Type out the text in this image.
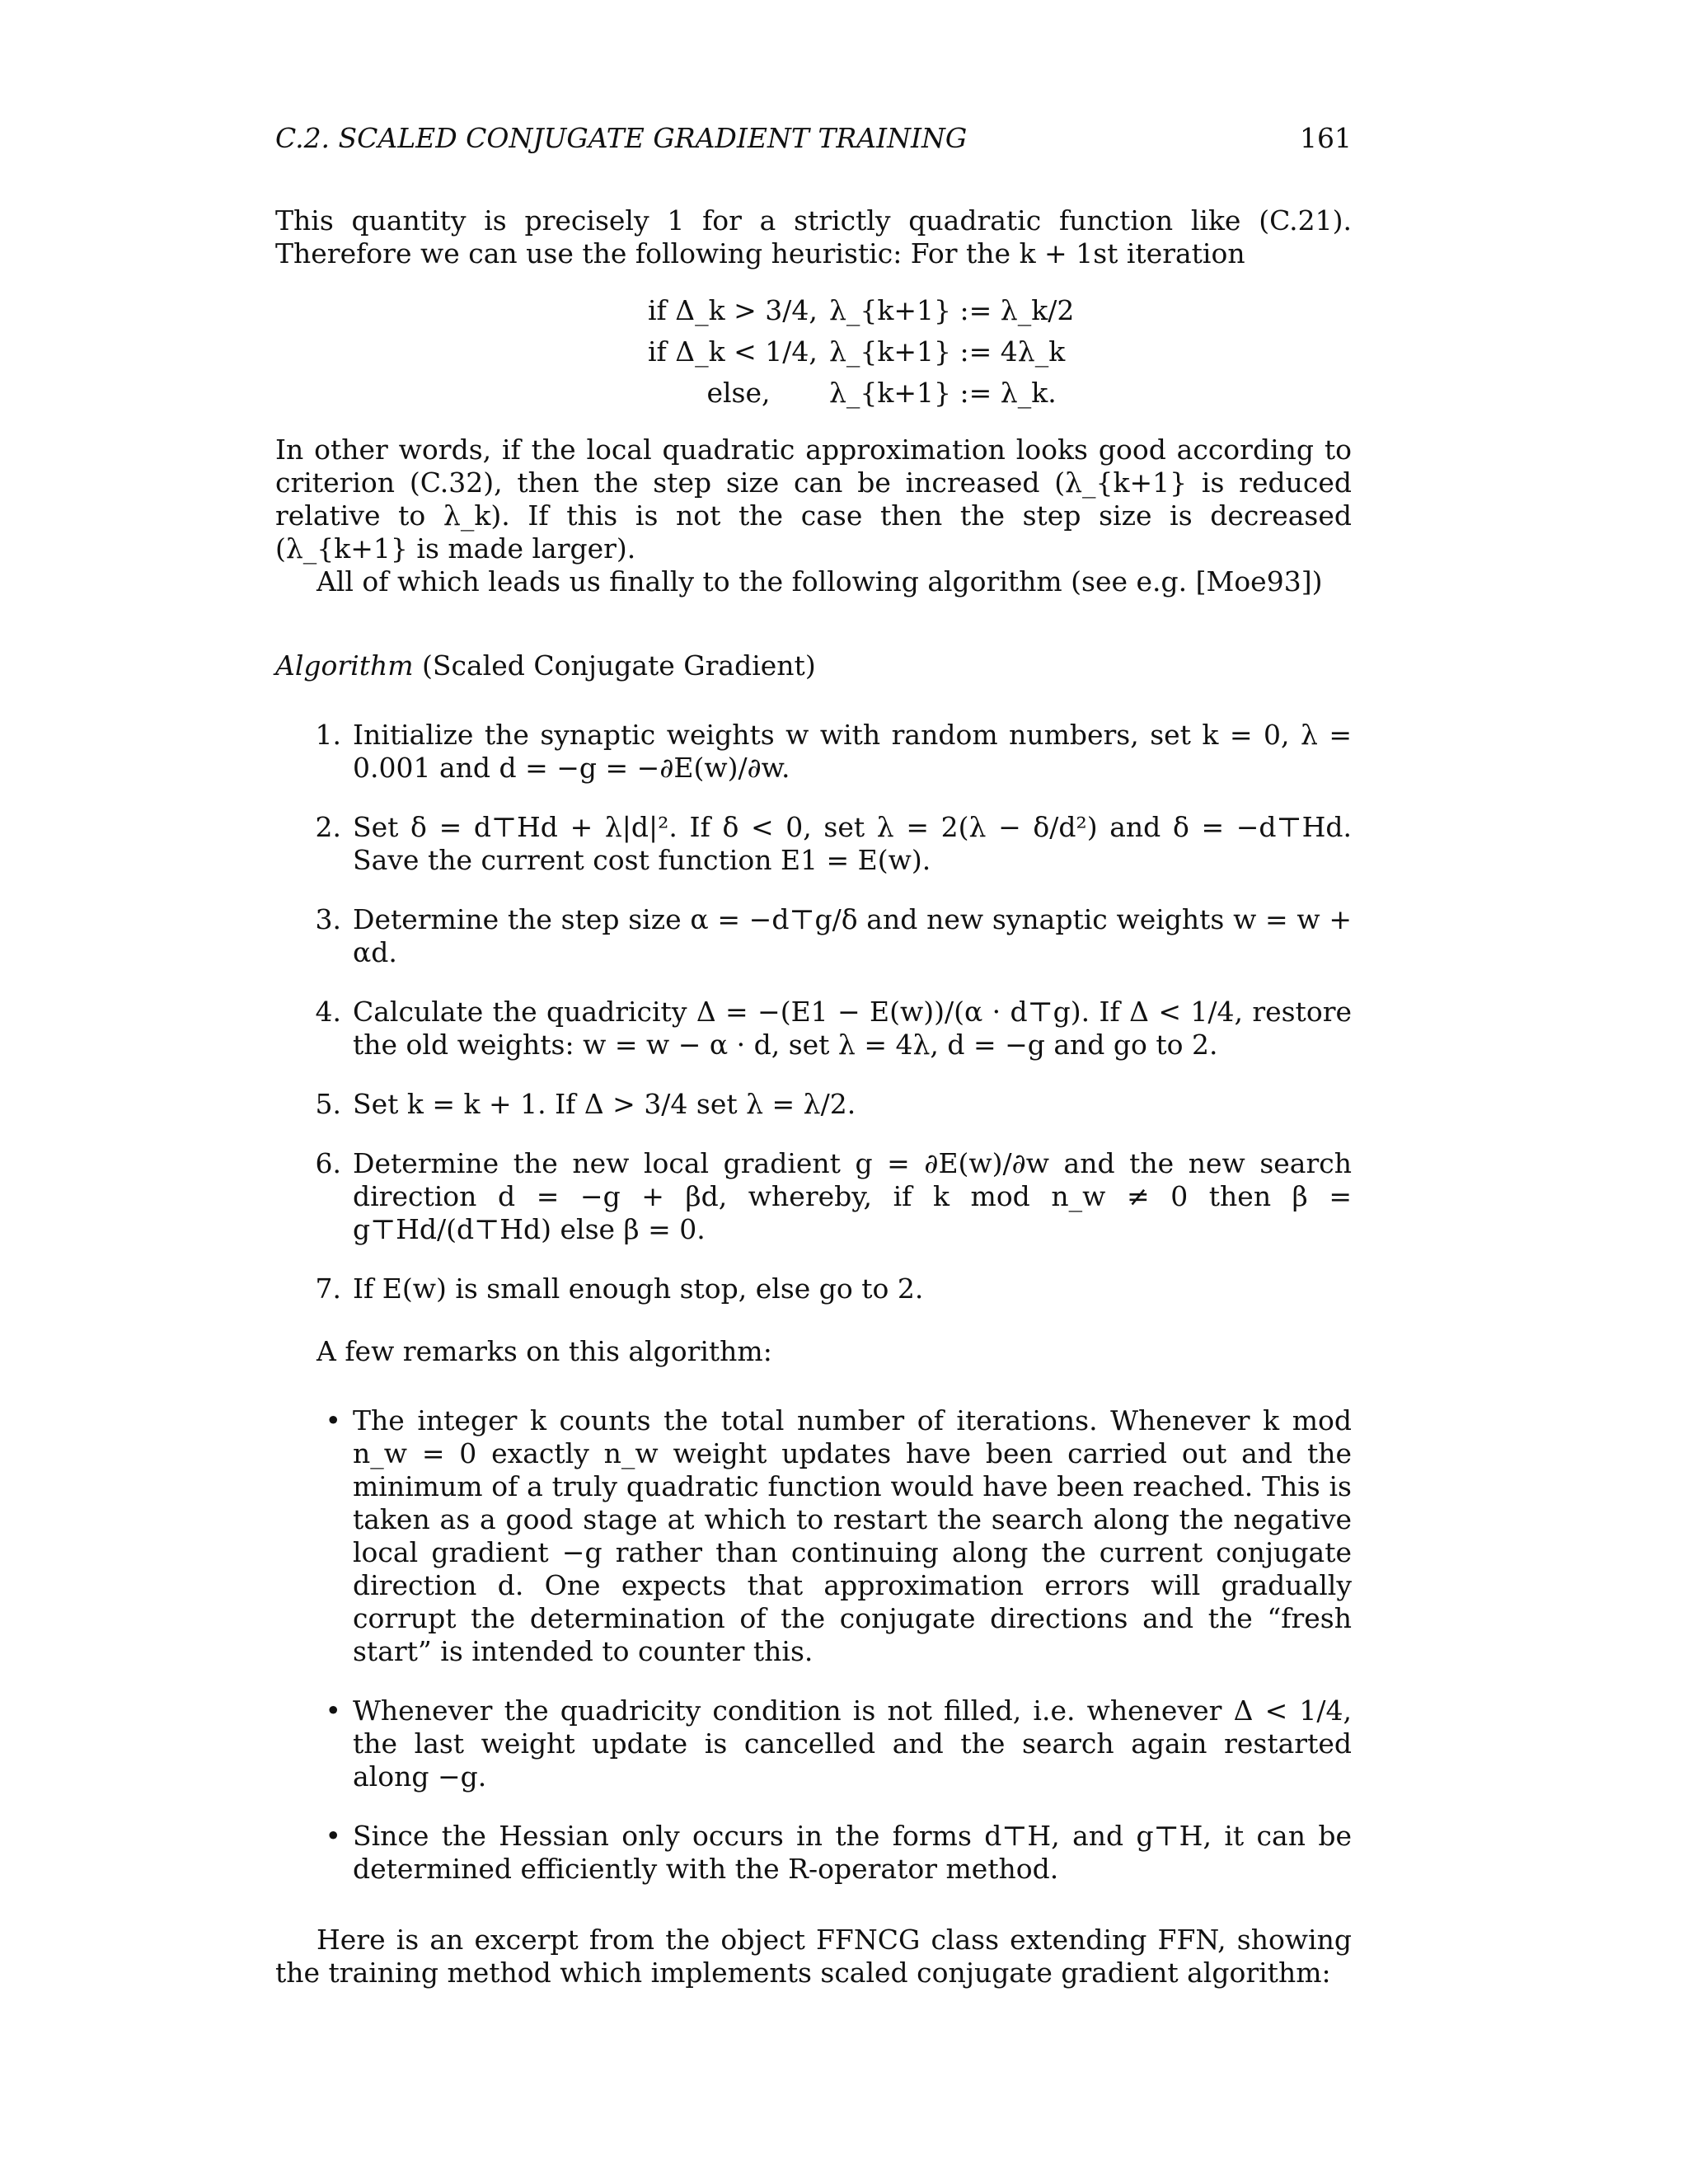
C.2. SCALED CONJUGATE GRADIENT TRAINING	161

This quantity is precisely 1 for a strictly quadratic function like (C.21). Therefore we can use the following heuristic: For the k + 1st iteration

if Δ_k > 3/4, λ_{k+1} := λ_k/2
if Δ_k < 1/4, λ_{k+1} := 4λ_k
else,	λ_{k+1} := λ_k.

In other words, if the local quadratic approximation looks good according to criterion (C.32), then the step size can be increased (λ_{k+1} is reduced relative to λ_k). If this is not the case then the step size is decreased (λ_{k+1} is made larger).

All of which leads us finally to the following algorithm (see e.g. [Moe93])

Algorithm (Scaled Conjugate Gradient)
1. Initialize the synaptic weights w with random numbers, set k = 0, λ = 0.001 and d = −g = −∂E(w)/∂w.
2. Set δ = d⊤Hd + λ|d|². If δ < 0, set λ = 2(λ − δ/d²) and δ = −d⊤Hd. Save the current cost function E1 = E(w).
3. Determine the step size α = −d⊤g/δ and new synaptic weights w = w + αd.
4. Calculate the quadricity Δ = −(E1 − E(w))/(α · d⊤g). If Δ < 1/4, restore the old weights: w = w − α · d, set λ = 4λ, d = −g and go to 2.
5. Set k = k + 1. If Δ > 3/4 set λ = λ/2.
6. Determine the new local gradient g = ∂E(w)/∂w and the new search direction d = −g + βd, whereby, if k mod n_w ≠ 0 then β = g⊤Hd/(d⊤Hd) else β = 0.
7. If E(w) is small enough stop, else go to 2.

A few remarks on this algorithm:

• The integer k counts the total number of iterations. Whenever k mod n_w = 0 exactly n_w weight updates have been carried out and the minimum of a truly quadratic function would have been reached. This is taken as a good stage at which to restart the search along the negative local gradient −g rather than continuing along the current conjugate direction d. One expects that approximation errors will gradually corrupt the determination of the conjugate directions and the “fresh start” is intended to counter this.
• Whenever the quadricity condition is not filled, i.e. whenever Δ < 1/4, the last weight update is cancelled and the search again restarted along −g.
• Since the Hessian only occurs in the forms d⊤H, and g⊤H, it can be determined efficiently with the R-operator method.

Here is an excerpt from the object FFNCG class extending FFN, showing the training method which implements scaled conjugate gradient algorithm:
